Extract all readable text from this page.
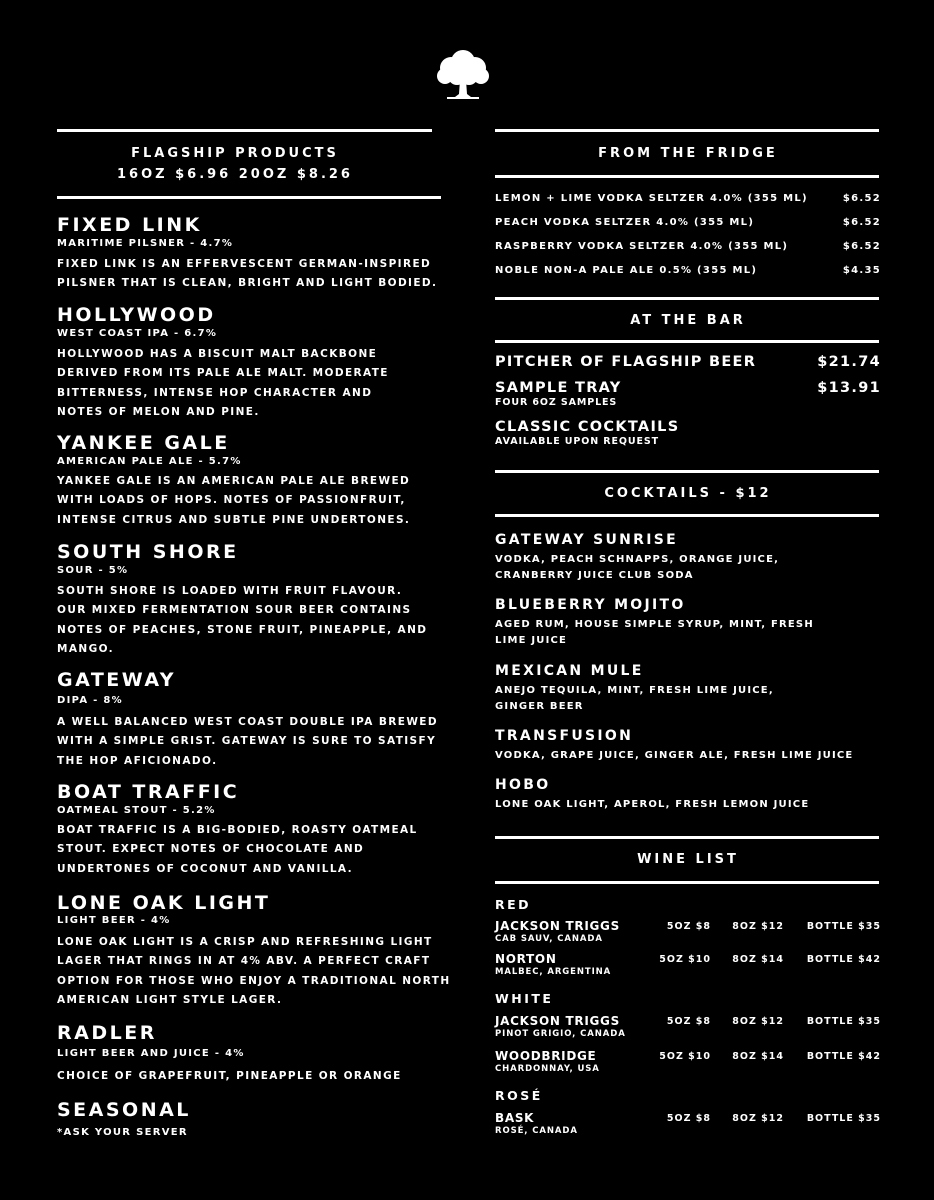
FLAGSHIP PRODUCTS
16OZ $6.96 20OZ $8.26
FIXED LINK
MARITIME PILSNER - 4.7%
FIXED LINK IS AN EFFERVESCENT GERMAN-INSPIRED PILSNER THAT IS CLEAN, BRIGHT AND LIGHT BODIED.
HOLLYWOOD
WEST COAST IPA - 6.7%
HOLLYWOOD HAS A BISCUIT MALT BACKBONE DERIVED FROM ITS PALE ALE MALT. MODERATE BITTERNESS, INTENSE HOP CHARACTER AND NOTES OF MELON AND PINE.
YANKEE GALE
AMERICAN PALE ALE - 5.7%
YANKEE GALE IS AN AMERICAN PALE ALE BREWED WITH LOADS OF HOPS. NOTES OF PASSIONFRUIT, INTENSE CITRUS AND SUBTLE PINE UNDERTONES.
SOUTH SHORE
SOUR - 5%
SOUTH SHORE IS LOADED WITH FRUIT FLAVOUR. OUR MIXED FERMENTATION SOUR BEER CONTAINS NOTES OF PEACHES, STONE FRUIT, PINEAPPLE, AND MANGO.
GATEWAY
DIPA - 8%
A WELL BALANCED WEST COAST DOUBLE IPA BREWED WITH A SIMPLE GRIST. GATEWAY IS SURE TO SATISFY THE HOP AFICIONADO.
BOAT TRAFFIC
OATMEAL STOUT - 5.2%
BOAT TRAFFIC IS A BIG-BODIED, ROASTY OATMEAL STOUT. EXPECT NOTES OF CHOCOLATE AND UNDERTONES OF COCONUT AND VANILLA.
LONE OAK LIGHT
LIGHT BEER - 4%
LONE OAK LIGHT IS A CRISP AND REFRESHING LIGHT LAGER THAT RINGS IN AT 4% ABV. A PERFECT CRAFT OPTION FOR THOSE WHO ENJOY A TRADITIONAL NORTH AMERICAN LIGHT STYLE LAGER.
RADLER
LIGHT BEER AND JUICE - 4%
CHOICE OF GRAPEFRUIT, PINEAPPLE OR ORANGE
SEASONAL
*ASK YOUR SERVER
FROM THE FRIDGE
LEMON + LIME VODKA SELTZER 4.0% (355 ML)	$6.52
PEACH VODKA SELTZER 4.0% (355 ML)	$6.52
RASPBERRY VODKA SELTZER 4.0% (355 ML)	$6.52
NOBLE NON-A PALE ALE 0.5% (355 ML)	$4.35
AT THE BAR
PITCHER OF FLAGSHIP BEER	$21.74
SAMPLE TRAY	$13.91
FOUR 6OZ SAMPLES
CLASSIC COCKTAILS
AVAILABLE UPON REQUEST
COCKTAILS - $12
GATEWAY SUNRISE
VODKA, PEACH SCHNAPPS, ORANGE JUICE, CRANBERRY JUICE CLUB SODA
BLUEBERRY MOJITO
AGED RUM, HOUSE SIMPLE SYRUP, MINT, FRESH LIME JUICE
MEXICAN MULE
ANEJO TEQUILA, MINT, FRESH LIME JUICE, GINGER BEER
TRANSFUSION
VODKA, GRAPE JUICE, GINGER ALE, FRESH LIME JUICE
HOBO
LONE OAK LIGHT, APEROL, FRESH LEMON JUICE
WINE LIST
RED
JACKSON TRIGGS
CAB SAUV, CANADA
5OZ $8 8OZ $12 BOTTLE $35
NORTON
MALBEC, ARGENTINA
5OZ $10 8OZ $14 BOTTLE $42
WHITE
JACKSON TRIGGS
PINOT GRIGIO, CANADA
5OZ $8 8OZ $12 BOTTLE $35
WOODBRIDGE
CHARDONNAY, USA
5OZ $10 8OZ $14 BOTTLE $42
ROSÉ
BASK
ROSÉ, CANADA
5OZ $8 8OZ $12 BOTTLE $35
